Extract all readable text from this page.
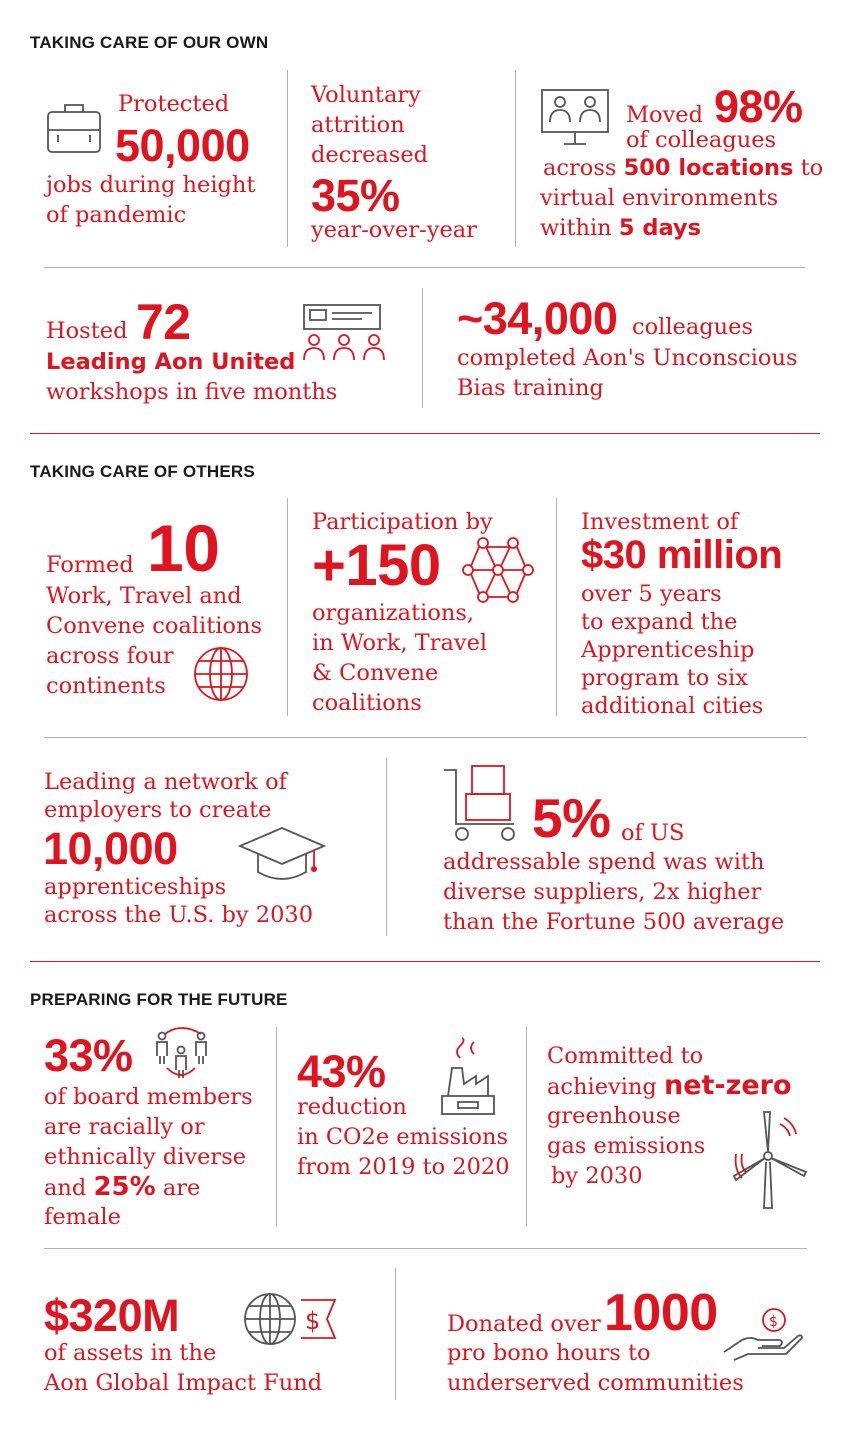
TAKING CARE OF OUR OWN
Protected
50,000
jobs during height
of pandemic
Voluntary
attrition
decreased
35%
year-over-year
Moved 98%
of colleagues
across 500 locations to
virtual environments
within 5 days
Hosted 72
Leading Aon United
workshops in five months
~34,000 colleagues
completed Aon's Unconscious
Bias training
TAKING CARE OF OTHERS
Formed 10
Work, Travel and
Convene coalitions
across four
continents
Participation by
+150
organizations,
in Work, Travel
& Convene
coalitions
Investment of
$30 million
over 5 years
to expand the
Apprenticeship
program to six
additional cities
Leading a network of
employers to create
10,000
apprenticeships
across the U.S. by 2030
5% of US
addressable spend was with
diverse suppliers, 2x higher
than the Fortune 500 average
PREPARING FOR THE FUTURE
33%
of board members
are racially or
ethnically diverse
and 25% are
female
43%
reduction
in CO2e emissions
from 2019 to 2020
Committed to
achieving net-zero
greenhouse
gas emissions
by 2030
$320M	$
of assets in the
Aon Global Impact Fund
Donated over 1000	$
pro bono hours to
underserved communities
